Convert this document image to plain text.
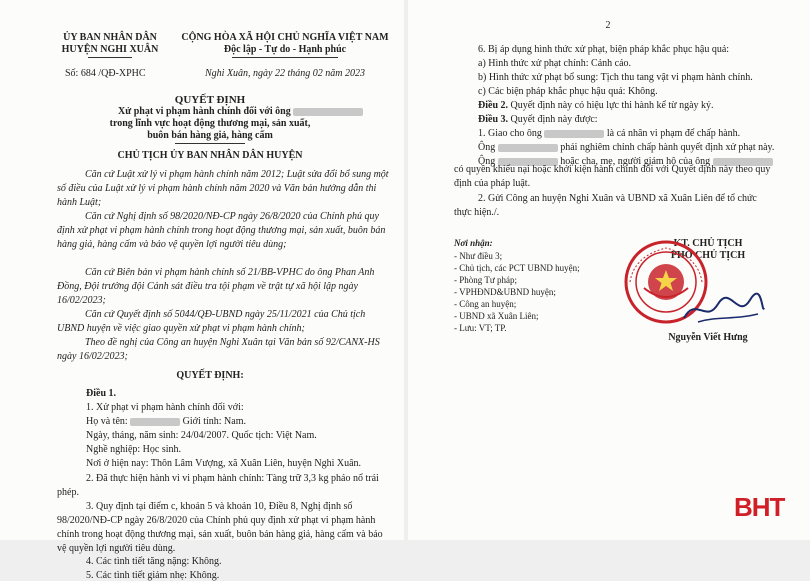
ỦY BAN NHÂN DÂN
HUYỆN NGHI XUÂN
CỘNG HÒA XÃ HỘI CHỦ NGHĨA VIỆT NAM
Độc lập - Tự do - Hạnh phúc
Số: 684 /QĐ-XPHC	Nghi Xuân, ngày 22 tháng 02 năm 2023
QUYẾT ĐỊNH
Xử phạt vi phạm hành chính đối với ông
trong lĩnh vực hoạt động thương mại, sản xuất,
buôn bán hàng giả, hàng cấm
CHỦ TỊCH ỦY BAN NHÂN DÂN HUYỆN
Căn cứ Luật xử lý vi phạm hành chính năm 2012; Luật sửa đổi bổ sung một số điều của Luật xử lý vi phạm hành chính năm 2020 và Văn bản hướng dẫn thi hành Luật;
Căn cứ Nghị định số 98/2020/NĐ-CP ngày 26/8/2020 của Chính phủ quy định xử phạt vi phạm hành chính trong hoạt động thương mại, sản xuất, buôn bán hàng giả, hàng cấm và bảo vệ quyền lợi người tiêu dùng;
Căn cứ Biên bản vi phạm hành chính số 21/BB-VPHC do ông Phan Anh Đồng, Đội trưởng đội Cảnh sát điều tra tội phạm về trật tự xã hội lập ngày 16/02/2023;
Căn cứ Quyết định số 5044/QĐ-UBND ngày 25/11/2021 của Chủ tịch UBND huyện về việc giao quyền xử phạt vi phạm hành chính;
Theo đề nghị của Công an huyện Nghi Xuân tại Văn bản số 92/CANX-HS ngày 16/02/2023;
QUYẾT ĐỊNH:
Điều 1.
1. Xử phạt vi phạm hành chính đối với:
Họ và tên:	Giới tính: Nam.
Ngày, tháng, năm sinh: 24/04/2007. Quốc tịch: Việt Nam.
Nghề nghiệp: Học sinh.
Nơi ở hiện nay: Thôn Lâm Vượng, xã Xuân Liên, huyện Nghi Xuân.
2. Đã thực hiện hành vi vi phạm hành chính: Tàng trữ 3,3 kg pháo nổ trái phép.
3. Quy định tại điểm c, khoản 5 và khoản 10, Điều 8, Nghị định số 98/2020/NĐ-CP ngày 26/8/2020 của Chính phủ quy định xử phạt vi phạm hành chính trong hoạt động thương mại, sản xuất, buôn bán hàng giả, hàng cấm và bảo vệ quyền lợi người tiêu dùng.
4. Các tình tiết tăng nặng: Không.
5. Các tình tiết giảm nhẹ: Không.
2
6. Bị áp dụng hình thức xử phạt, biện pháp khắc phục hậu quả:
a) Hình thức xử phạt chính: Cảnh cáo.
b) Hình thức xử phạt bổ sung: Tịch thu tang vật vi phạm hành chính.
c) Các biện pháp khắc phục hậu quả: Không.
Điều 2. Quyết định này có hiệu lực thi hành kể từ ngày ký.
Điều 3. Quyết định này được:
1. Giao cho ông	là cá nhân vi phạm để chấp hành.
Ông	phải nghiêm chỉnh chấp hành quyết định xử phạt này.
Ông	hoặc cha, mẹ, người giám hộ của ông
có quyền khiếu nại hoặc khởi kiện hành chính đối với Quyết định này theo quy định của pháp luật.
2. Gửi Công an huyện Nghi Xuân và UBND xã Xuân Liên để tổ chức thực hiện./.
Nơi nhận:
- Như điều 3;
- Chủ tịch, các PCT UBND huyện;
- Phòng Tư pháp;
- VPHĐND&UBND huyện;
- Công an huyện;
- UBND xã Xuân Liên;
- Lưu: VT; TP.
KT. CHỦ TỊCH
PHÓ CHỦ TỊCH
Nguyễn Viết Hưng
BHT
